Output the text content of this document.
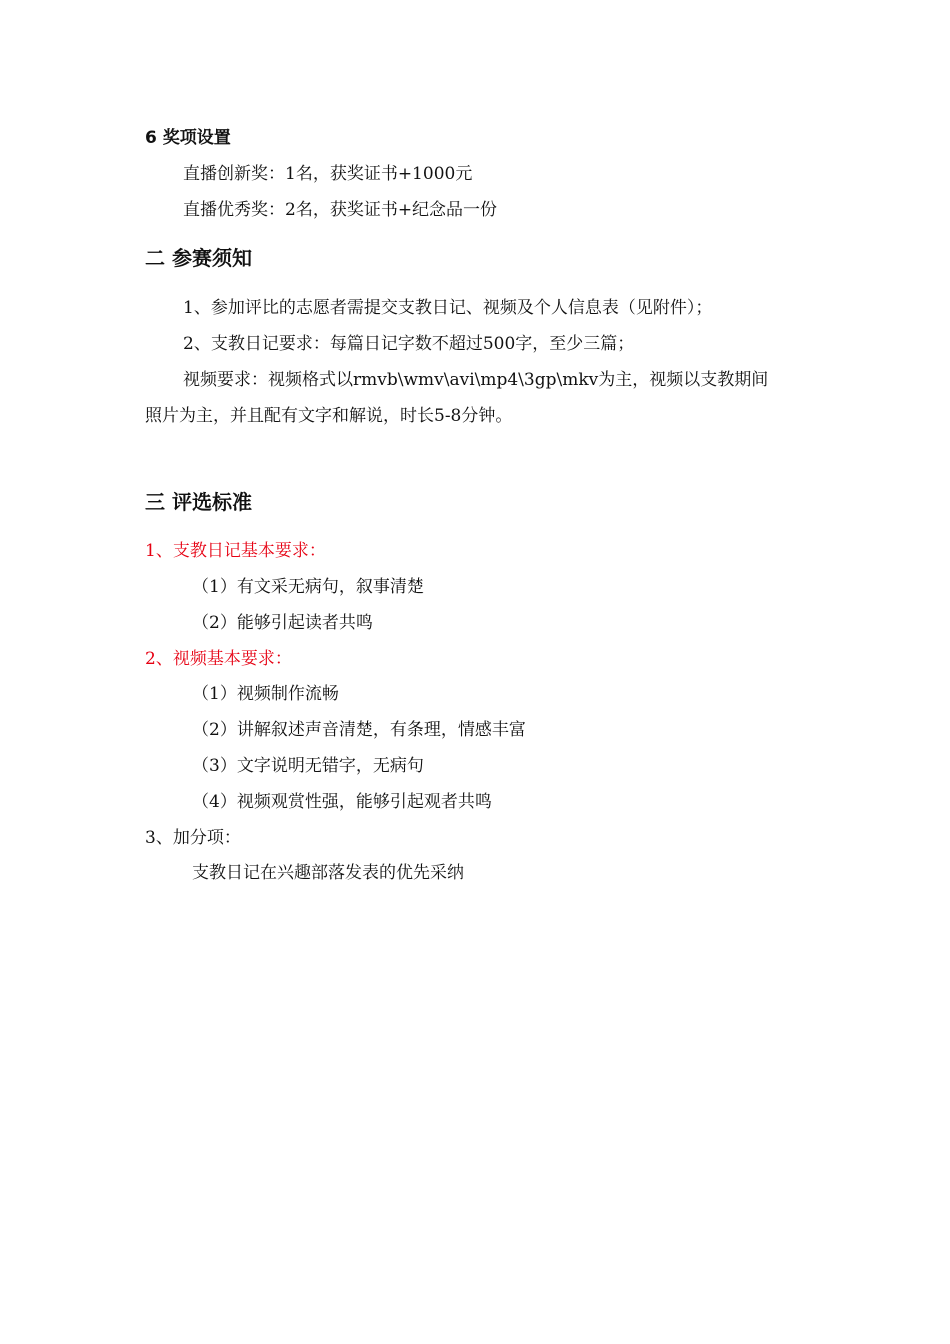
6 奖项设置
直播创新奖：1名，获奖证书+1000元
直播优秀奖：2名，获奖证书+纪念品一份
二 参赛须知
1、参加评比的志愿者需提交支教日记、视频及个人信息表（见附件）；
2、支教日记要求：每篇日记字数不超过500字，至少三篇；
视频要求：视频格式以rmvb\wmv\avi\mp4\3gp\mkv为主，视频以支教期间
照片为主，并且配有文字和解说，时长5-8分钟。
三 评选标准
1、支教日记基本要求：
（1）有文采无病句，叙事清楚
（2）能够引起读者共鸣
2、视频基本要求：
（1）视频制作流畅
（2）讲解叙述声音清楚，有条理，情感丰富
（3）文字说明无错字，无病句
（4）视频观赏性强，能够引起观者共鸣
3、加分项：
支教日记在兴趣部落发表的优先采纳
